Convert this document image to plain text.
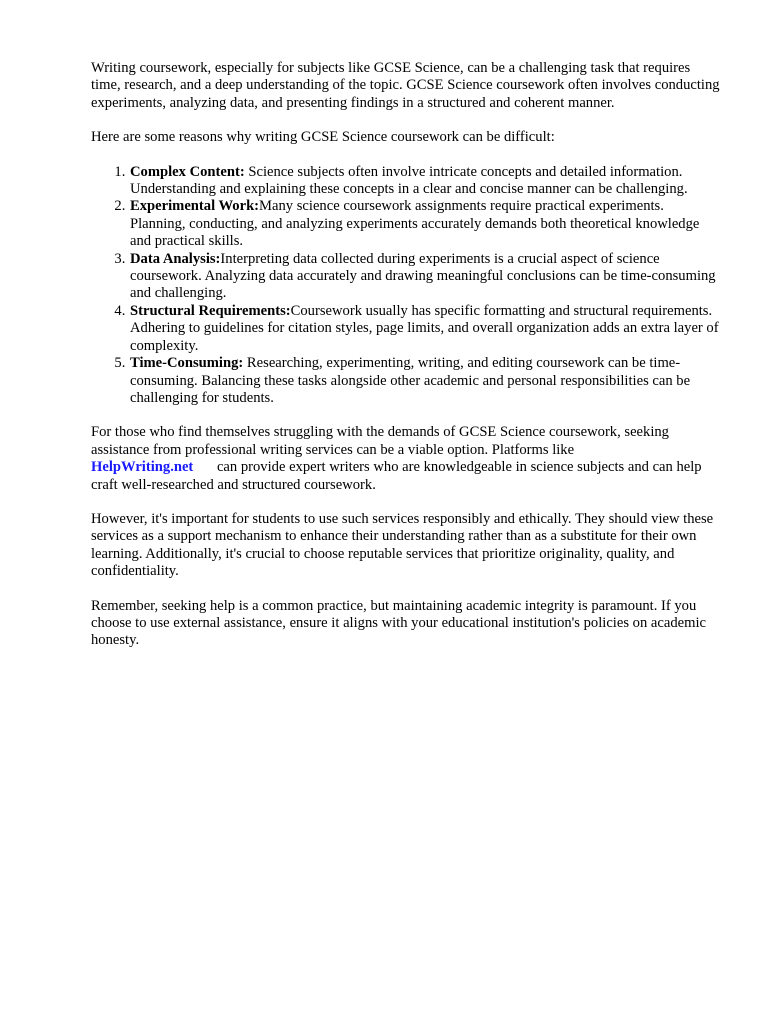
Writing coursework, especially for subjects like GCSE Science, can be a challenging task that requires time, research, and a deep understanding of the topic. GCSE Science coursework often involves conducting experiments, analyzing data, and presenting findings in a structured and coherent manner.

Here are some reasons why writing GCSE Science coursework can be difficult:

1. Complex Content: Science subjects often involve intricate concepts and detailed information. Understanding and explaining these concepts in a clear and concise manner can be challenging.
2. Experimental Work:Many science coursework assignments require practical experiments. Planning, conducting, and analyzing experiments accurately demands both theoretical knowledge and practical skills.
3. Data Analysis:Interpreting data collected during experiments is a crucial aspect of science coursework. Analyzing data accurately and drawing meaningful conclusions can be time-consuming and challenging.
4. Structural Requirements:Coursework usually has specific formatting and structural requirements. Adhering to guidelines for citation styles, page limits, and overall organization adds an extra layer of complexity.
5. Time-Consuming: Researching, experimenting, writing, and editing coursework can be time-consuming. Balancing these tasks alongside other academic and personal responsibilities can be challenging for students.

For those who find themselves struggling with the demands of GCSE Science coursework, seeking assistance from professional writing services can be a viable option. Platforms like
HelpWriting.net can provide expert writers who are knowledgeable in science subjects and can help craft well-researched and structured coursework.

However, it's important for students to use such services responsibly and ethically. They should view these services as a support mechanism to enhance their understanding rather than as a substitute for their own learning. Additionally, it's crucial to choose reputable services that prioritize originality, quality, and confidentiality.

Remember, seeking help is a common practice, but maintaining academic integrity is paramount. If you choose to use external assistance, ensure it aligns with your educational institution's policies on academic honesty.
